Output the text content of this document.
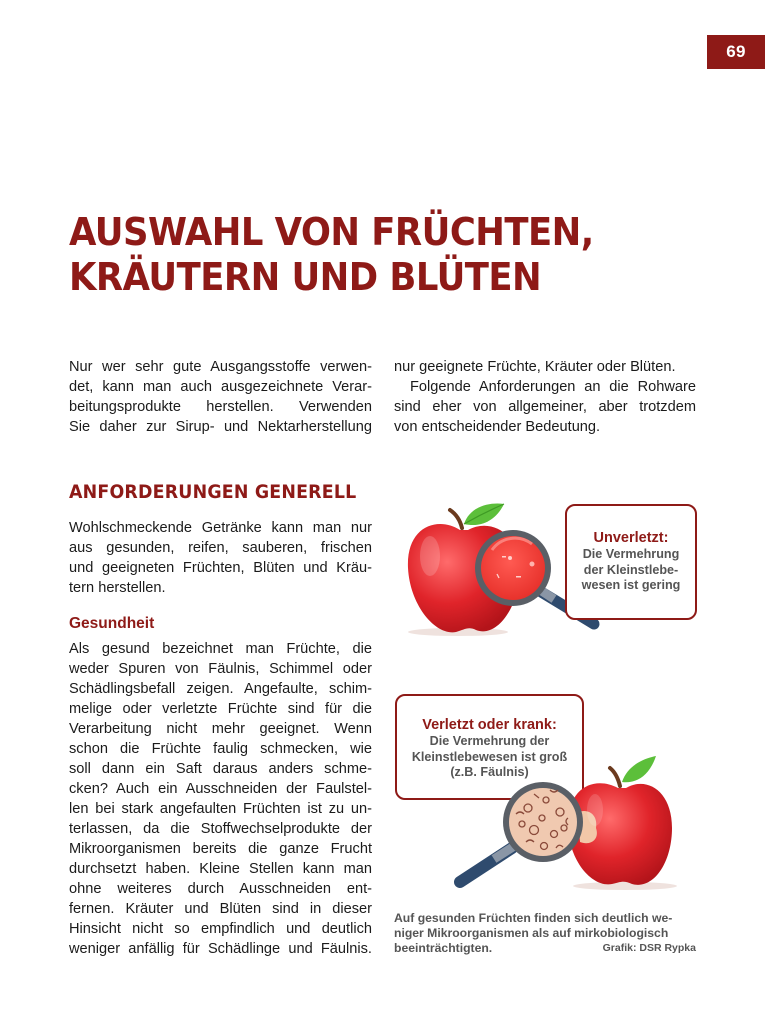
69
AUSWAHL VON FRÜCHTEN,
KRÄUTERN UND BLÜTEN
Nur wer sehr gute Ausgangsstoffe verwen-
det, kann man auch ausgezeichnete Verar-
beitungsprodukte herstellen. Verwenden
Sie daher zur Sirup- und Nektarherstellung
nur geeignete Früchte, Kräuter oder Blüten.
Folgende Anforderungen an die Rohware
sind eher von allgemeiner, aber trotzdem
von entscheidender Bedeutung.
ANFORDERUNGEN GENERELL
Wohlschmeckende Getränke kann man nur
aus gesunden, reifen, sauberen, frischen
und geeigneten Früchten, Blüten und Kräu-
tern herstellen.
Gesundheit
Als gesund bezeichnet man Früchte, die
weder Spuren von Fäulnis, Schimmel oder
Schädlingsbefall zeigen. Angefaulte, schim-
melige oder verletzte Früchte sind für die
Verarbeitung nicht mehr geeignet. Wenn
schon die Früchte faulig schmecken, wie
soll dann ein Saft daraus anders schme-
cken? Auch ein Ausschneiden der Faulstel-
len bei stark angefaulten Früchten ist zu un-
terlassen, da die Stoffwechselprodukte der
Mikroorganismen bereits die ganze Frucht
durchsetzt haben. Kleine Stellen kann man
ohne weiteres durch Ausschneiden ent-
fernen. Kräuter und Blüten sind in dieser
Hinsicht nicht so empfindlich und deutlich
weniger anfällig für Schädlinge und Fäulnis.
Unverletzt:
Die Vermehrung
der Kleinstlebe-
wesen ist gering
Verletzt oder krank:
Die Vermehrung der
Kleinstlebewesen ist groß
(z.B. Fäulnis)
Auf gesunden Früchten finden sich deutlich we-
niger Mikroorganismen als auf mirkobiologisch
beeinträchtigten.	Grafik: DSR Rypka
